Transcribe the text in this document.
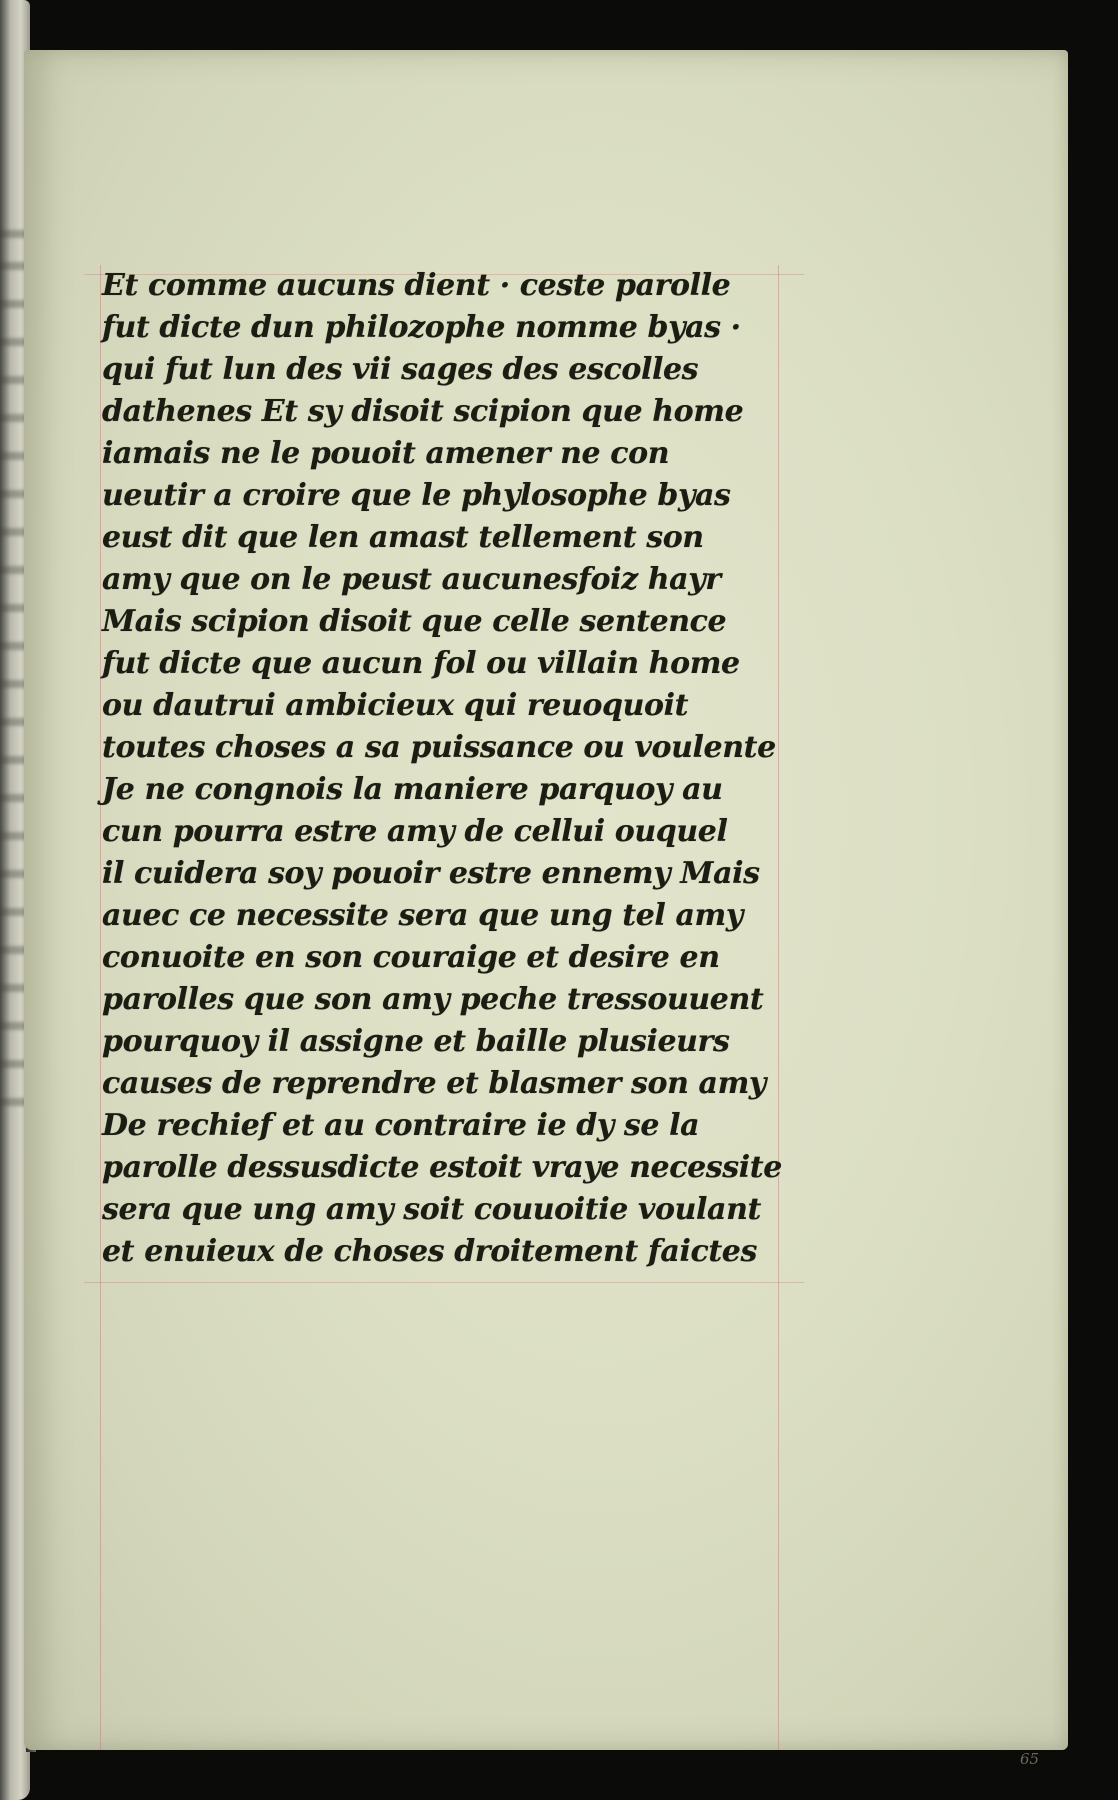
Et comme aucuns dient · ceste parolle
fut dicte dun philozophe nomme byas ·
qui fut lun des vii sages des escolles
dathenes Et sy disoit scipion que home
iamais ne le pouoit amener ne con
ueutir a croire que le phylosophe byas
eust dit que len amast tellement son
amy que on le peust aucunesfoiz hayr
Mais scipion disoit que celle sentence
fut dicte que aucun fol ou villain home
ou dautrui ambicieux qui reuoquoit
toutes choses a sa puissance ou voulente
Je ne congnois la maniere parquoy au
cun pourra estre amy de cellui ouquel
il cuidera soy pouoir estre ennemy Mais
auec ce necessite sera que ung tel amy
conuoite en son couraige et desire en
parolles que son amy peche tressouuent
pourquoy il assigne et baille plusieurs
causes de reprendre et blasmer son amy
De rechief et au contraire ie dy se la
parolle dessusdicte estoit vraye necessite
sera que ung amy soit couuoitie voulant
et enuieux de choses droitement faictes
65
